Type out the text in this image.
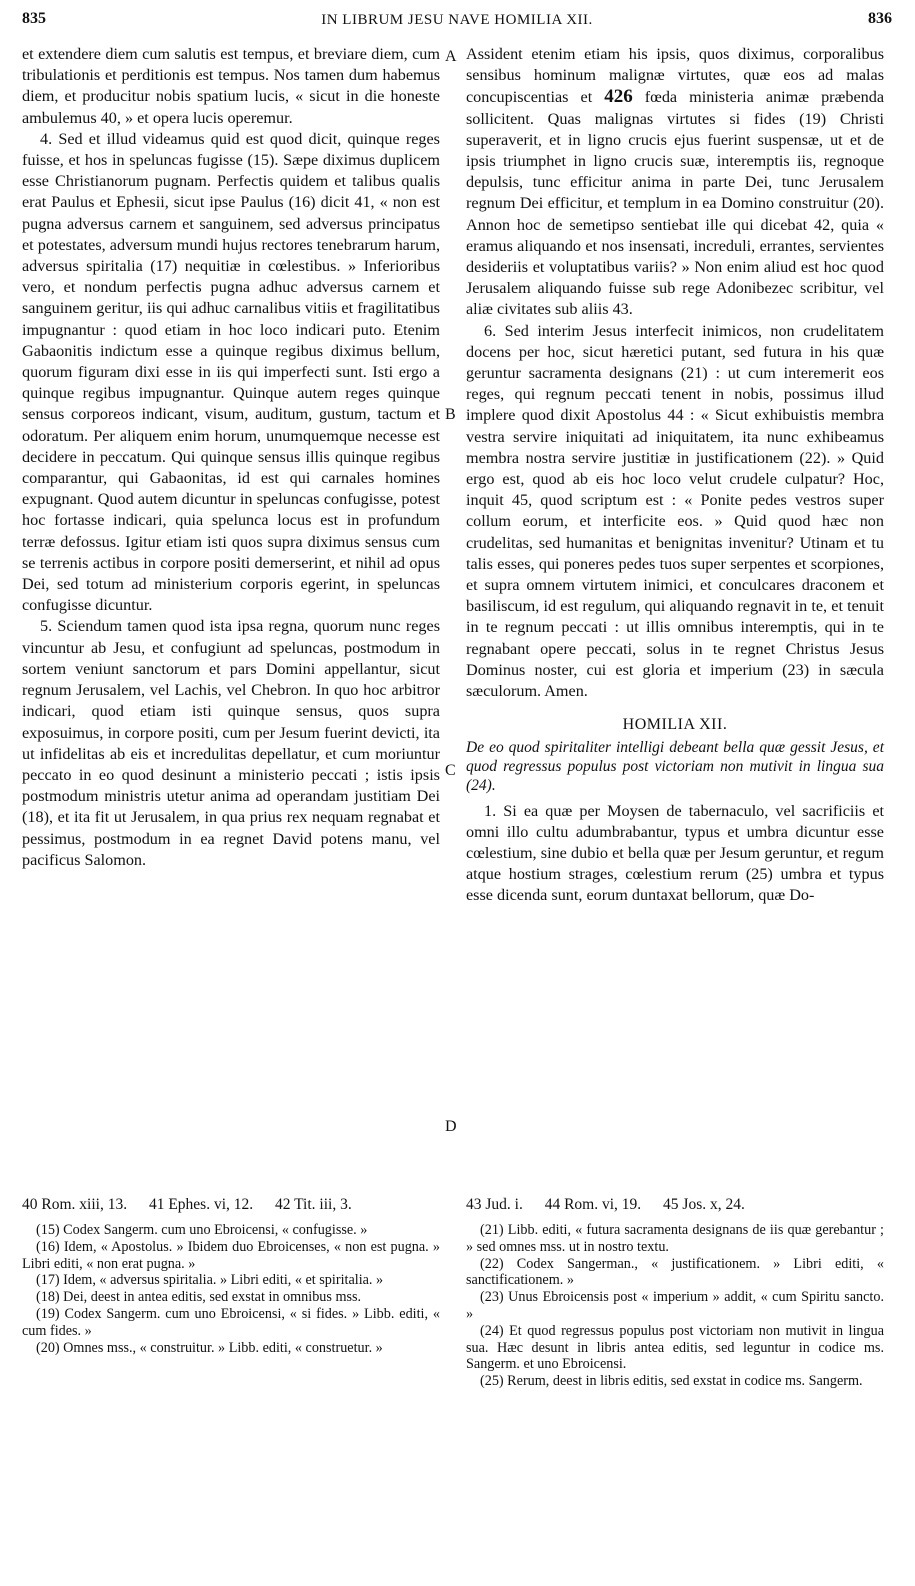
835	IN LIBRUM JESU NAVE HOMILIA XII.	836
A
B
C
D

et extendere diem cum salutis est tempus, et breviare diem, cum tribulationis et perditionis est tempus. Nos tamen dum habemus diem, et producitur nobis spatium lucis, « sicut in die honeste ambulemus 40, » et opera lucis operemur.

4. Sed et illud videamus quid est quod dicit, quinque reges fuisse, et hos in speluncas fugisse (15). Sæpe diximus duplicem esse Christianorum pugnam. Perfectis quidem et talibus qualis erat Paulus et Ephesii, sicut ipse Paulus (16) dicit 41, « non est pugna adversus carnem et sanguinem, sed adversus principatus et potestates, adversum mundi hujus rectores tenebrarum harum, adversus spiritalia (17) nequitiæ in cœlestibus. » Inferioribus vero, et nondum perfectis pugna adhuc adversus carnem et sanguinem geritur, iis qui adhuc carnalibus vitiis et fragilitatibus impugnantur : quod etiam in hoc loco indicari puto. Etenim Gabaonitis indictum esse a quinque regibus diximus bellum, quorum figuram dixi esse in iis qui imperfecti sunt. Isti ergo a quinque regibus impugnantur. Quinque autem reges quinque sensus corporeos indicant, visum, auditum, gustum, tactum et odoratum. Per aliquem enim horum, unumquemque necesse est decidere in peccatum. Qui quinque sensus illis quinque regibus comparantur, qui Gabaonitas, id est qui carnales homines expugnant. Quod autem dicuntur in speluncas confugisse, potest hoc fortasse indicari, quia spelunca locus est in profundum terræ defossus. Igitur etiam isti quos supra diximus sensus cum se terrenis actibus in corpore positi demerserint, et nihil ad opus Dei, sed totum ad ministerium corporis egerint, in speluncas confugisse dicuntur.

5. Sciendum tamen quod ista ipsa regna, quorum nunc reges vincuntur ab Jesu, et confugiunt ad speluncas, postmodum in sortem veniunt sanctorum et pars Domini appellantur, sicut regnum Jerusalem, vel Lachis, vel Chebron. In quo hoc arbitror indicari, quod etiam isti quinque sensus, quos supra exposuimus, in corpore positi, cum per Jesum fuerint devicti, ita ut infidelitas ab eis et incredulitas depellatur, et cum moriuntur peccato in eo quod desinunt a ministerio peccati ; istis ipsis postmodum ministris utetur anima ad operandam justitiam Dei (18), et ita fit ut Jerusalem, in qua prius rex nequam regnabat et pessimus, postmodum in ea regnet David potens manu, vel pacificus Salomon.

Assident etenim etiam his ipsis, quos diximus, corporalibus sensibus hominum malignæ virtutes, quæ eos ad malas concupiscentias et 426 fœda ministeria animæ præbenda sollicitent. Quas malignas virtutes si fides (19) Christi superaverit, et in ligno crucis ejus fuerint suspensæ, ut et de ipsis triumphet in ligno crucis suæ, interemptis iis, regnoque depulsis, tunc efficitur anima in parte Dei, tunc Jerusalem regnum Dei efficitur, et templum in ea Domino construitur (20). Annon hoc de semetipso sentiebat ille qui dicebat 42, quia « eramus aliquando et nos insensati, increduli, errantes, servientes desideriis et voluptatibus variis? » Non enim aliud est hoc quod Jerusalem aliquando fuisse sub rege Adonibezec scribitur, vel aliæ civitates sub aliis 43.

6. Sed interim Jesus interfecit inimicos, non crudelitatem docens per hoc, sicut hæretici putant, sed futura in his quæ geruntur sacramenta designans (21) : ut cum interemerit eos reges, qui regnum peccati tenent in nobis, possimus illud implere quod dixit Apostolus 44 : « Sicut exhibuistis membra vestra servire iniquitati ad iniquitatem, ita nunc exhibeamus membra nostra servire justitiæ in justificationem (22). » Quid ergo est, quod ab eis hoc loco velut crudele culpatur? Hoc, inquit 45, quod scriptum est : « Ponite pedes vestros super collum eorum, et interficite eos. » Quid quod hæc non crudelitas, sed humanitas et benignitas invenitur? Utinam et tu talis esses, qui poneres pedes tuos super serpentes et scorpiones, et supra omnem virtutem inimici, et conculcares draconem et basiliscum, id est regulum, qui aliquando regnavit in te, et tenuit in te regnum peccati : ut illis omnibus interemptis, qui in te regnabant opere peccati, solus in te regnet Christus Jesus Dominus noster, cui est gloria et imperium (23) in sæcula sæculorum. Amen.

HOMILIA XII.
De eo quod spiritaliter intelligi debeant bella quæ gessit Jesus, et quod regressus populus post victoriam non mutivit in lingua sua (24).

1. Si ea quæ per Moysen de tabernaculo, vel sacrificiis et omni illo cultu adumbrabantur, typus et umbra dicuntur esse cœlestium, sine dubio et bella quæ per Jesum geruntur, et regum atque hostium strages, cœlestium rerum (25) umbra et typus esse dicenda sunt, eorum duntaxat bellorum, quæ Do-

40 Rom. xiii, 13. 41 Ephes. vi, 12. 42 Tit. iii, 3.	43 Jud. i. 44 Rom. vi, 19. 45 Jos. x, 24.

(15) Codex Sangerm. cum uno Ebroicensi, « confugisse. »

(16) Idem, « Apostolus. » Ibidem duo Ebroicenses, « non est pugna. » Libri editi, « non erat pugna. »

(17) Idem, « adversus spiritalia. » Libri editi, « et spiritalia. »

(18) Dei, deest in antea editis, sed exstat in omnibus mss.

(19) Codex Sangerm. cum uno Ebroicensi, « si fides. » Libb. editi, « cum fides. »

(20) Omnes mss., « construitur. » Libb. editi, « construetur. »

(21) Libb. editi, « futura sacramenta designans de iis quæ gerebantur ; » sed omnes mss. ut in nostro textu.

(22) Codex Sangerman., « justificationem. » Libri editi, « sanctificationem. »

(23) Unus Ebroicensis post « imperium » addit, « cum Spiritu sancto. »

(24) Et quod regressus populus post victoriam non mutivit in lingua sua. Hæc desunt in libris antea editis, sed leguntur in codice ms. Sangerm. et uno Ebroicensi.

(25) Rerum, deest in libris editis, sed exstat in codice ms. Sangerm.
